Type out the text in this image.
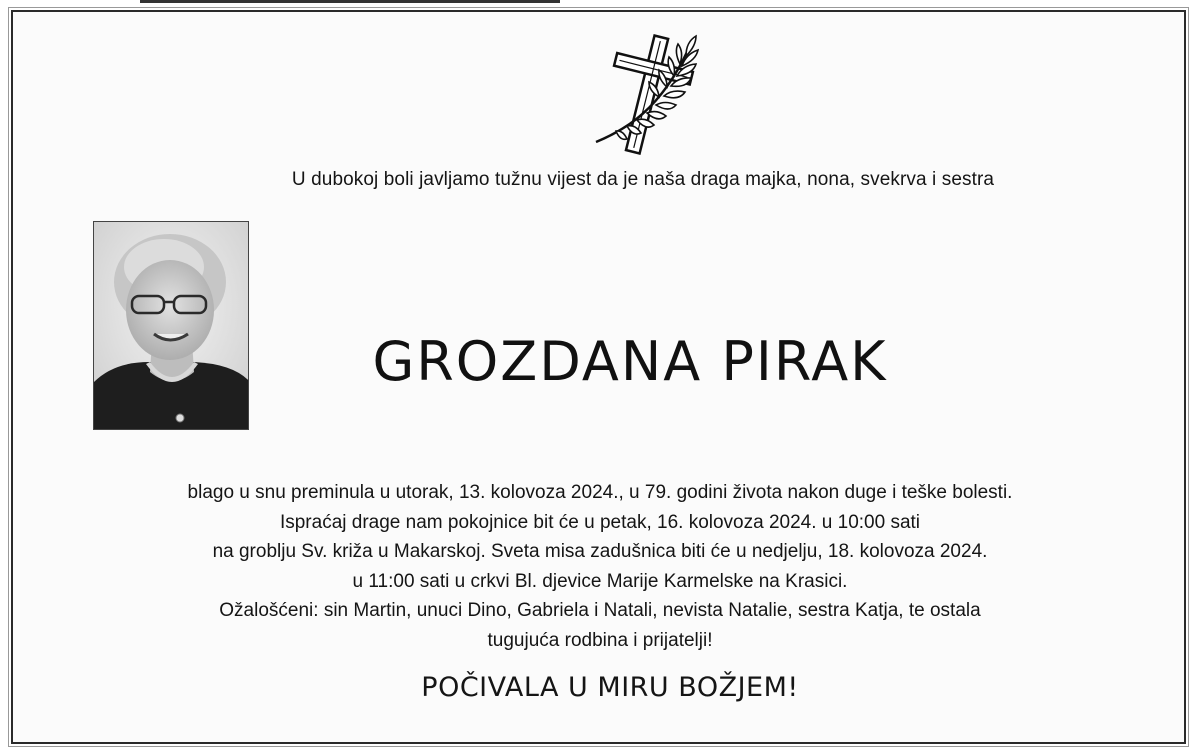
U dubokoj boli javljamo tužnu vijest da je naša draga majka, nona, svekrva i sestra
GROZDANA PIRAK
blago u snu preminula u utorak, 13. kolovoza 2024., u 79. godini života nakon duge i teške bolesti.
Ispraćaj drage nam pokojnice bit će u petak, 16. kolovoza 2024. u 10:00 sati
na groblju Sv. križa u Makarskoj. Sveta misa zadušnica biti će u nedjelju, 18. kolovoza 2024.
u 11:00 sati u crkvi Bl. djevice Marije Karmelske na Krasici.
Ožalošćeni: sin Martin, unuci Dino, Gabriela i Natali, nevista Natalie, sestra Katja, te ostala
tugujuća rodbina i prijatelji!
POČIVALA U MIRU BOŽJEM!
